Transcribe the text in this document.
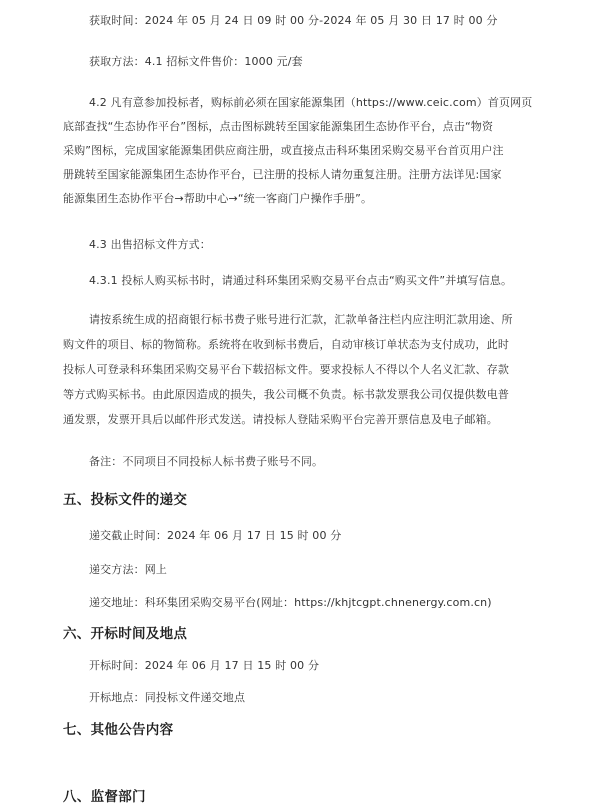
获取时间：2024 年 05 月 24 日 09 时 00 分-2024 年 05 月 30 日 17 时 00 分
获取方法：4.1 招标文件售价：1000 元/套
4.2 凡有意参加投标者，购标前必须在国家能源集团（https://www.ceic.com）首页网页
底部查找“生态协作平台”图标，点击图标跳转至国家能源集团生态协作平台，点击“物资
采购”图标，完成国家能源集团供应商注册，或直接点击科环集团采购交易平台首页用户注
册跳转至国家能源集团生态协作平台，已注册的投标人请勿重复注册。注册方法详见:国家
能源集团生态协作平台→帮助中心→“统一客商门户操作手册”。
4.3 出售招标文件方式：
4.3.1 投标人购买标书时，请通过科环集团采购交易平台点击“购买文件”并填写信息。
请按系统生成的招商银行标书费子账号进行汇款，汇款单备注栏内应注明汇款用途、所
购文件的项目、标的物简称。系统将在收到标书费后，自动审核订单状态为支付成功，此时
投标人可登录科环集团采购交易平台下载招标文件。要求投标人不得以个人名义汇款、存款
等方式购买标书。由此原因造成的损失，我公司概不负责。标书款发票我公司仅提供数电普
通发票，发票开具后以邮件形式发送。请投标人登陆采购平台完善开票信息及电子邮箱。
备注：不同项目不同投标人标书费子账号不同。
五、投标文件的递交
递交截止时间：2024 年 06 月 17 日 15 时 00 分
递交方法：网上
递交地址：科环集团采购交易平台(网址：https://khjtcgpt.chnenergy.com.cn)
六、开标时间及地点
开标时间：2024 年 06 月 17 日 15 时 00 分
开标地点：同投标文件递交地点
七、其他公告内容
八、监督部门
